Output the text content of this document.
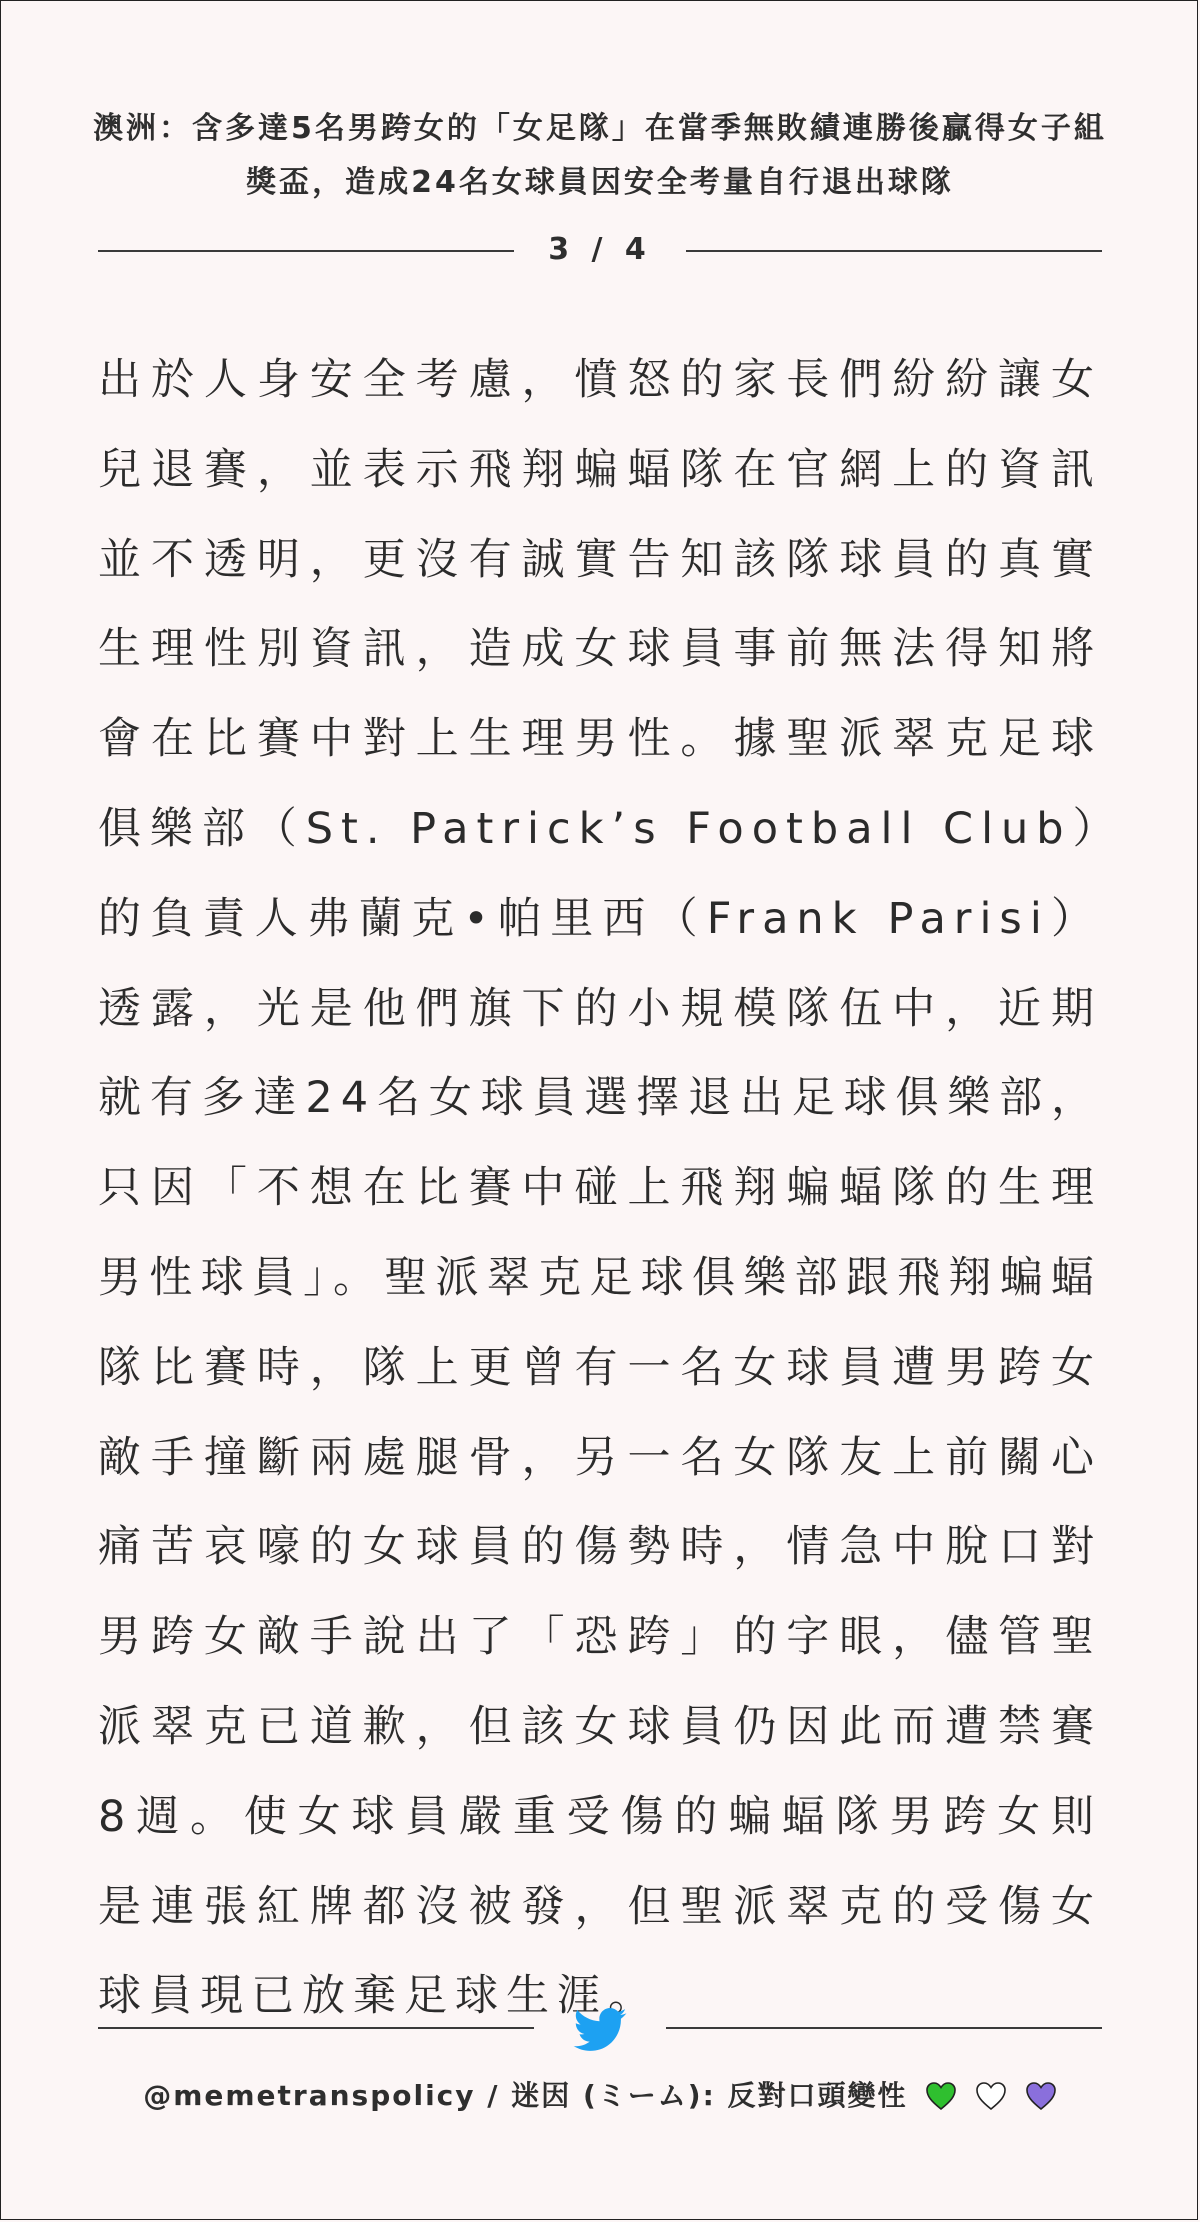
澳洲：含多達5名男跨女的「女足隊」在當季無敗績連勝後贏得女子組獎盃，造成24名女球員因安全考量自行退出球隊
3 / 4

出於人身安全考慮，憤怒的家長們紛紛讓女兒退賽，並表示飛翔蝙蝠隊在官網上的資訊並不透明，更沒有誠實告知該隊球員的真實生理性別資訊，造成女球員事前無法得知將會在比賽中對上生理男性。據聖派翠克足球俱樂部（St. Patrick’s Football Club）的負責人弗蘭克•帕里西（Frank Parisi）透露，光是他們旗下的小規模隊伍中，近期就有多達24名女球員選擇退出足球俱樂部，只因「不想在比賽中碰上飛翔蝙蝠隊的生理男性球員」。聖派翠克足球俱樂部跟飛翔蝙蝠隊比賽時，隊上更曾有一名女球員遭男跨女敵手撞斷兩處腿骨，另一名女隊友上前關心痛苦哀嚎的女球員的傷勢時，情急中脫口對男跨女敵手說出了「恐跨」的字眼，儘管聖派翠克已道歉，但該女球員仍因此而遭禁賽8週。使女球員嚴重受傷的蝙蝠隊男跨女則是連張紅牌都沒被發，但聖派翠克的受傷女球員現已放棄足球生涯。

@memetranspolicy / 迷因 (ミーム): 反對口頭變性
